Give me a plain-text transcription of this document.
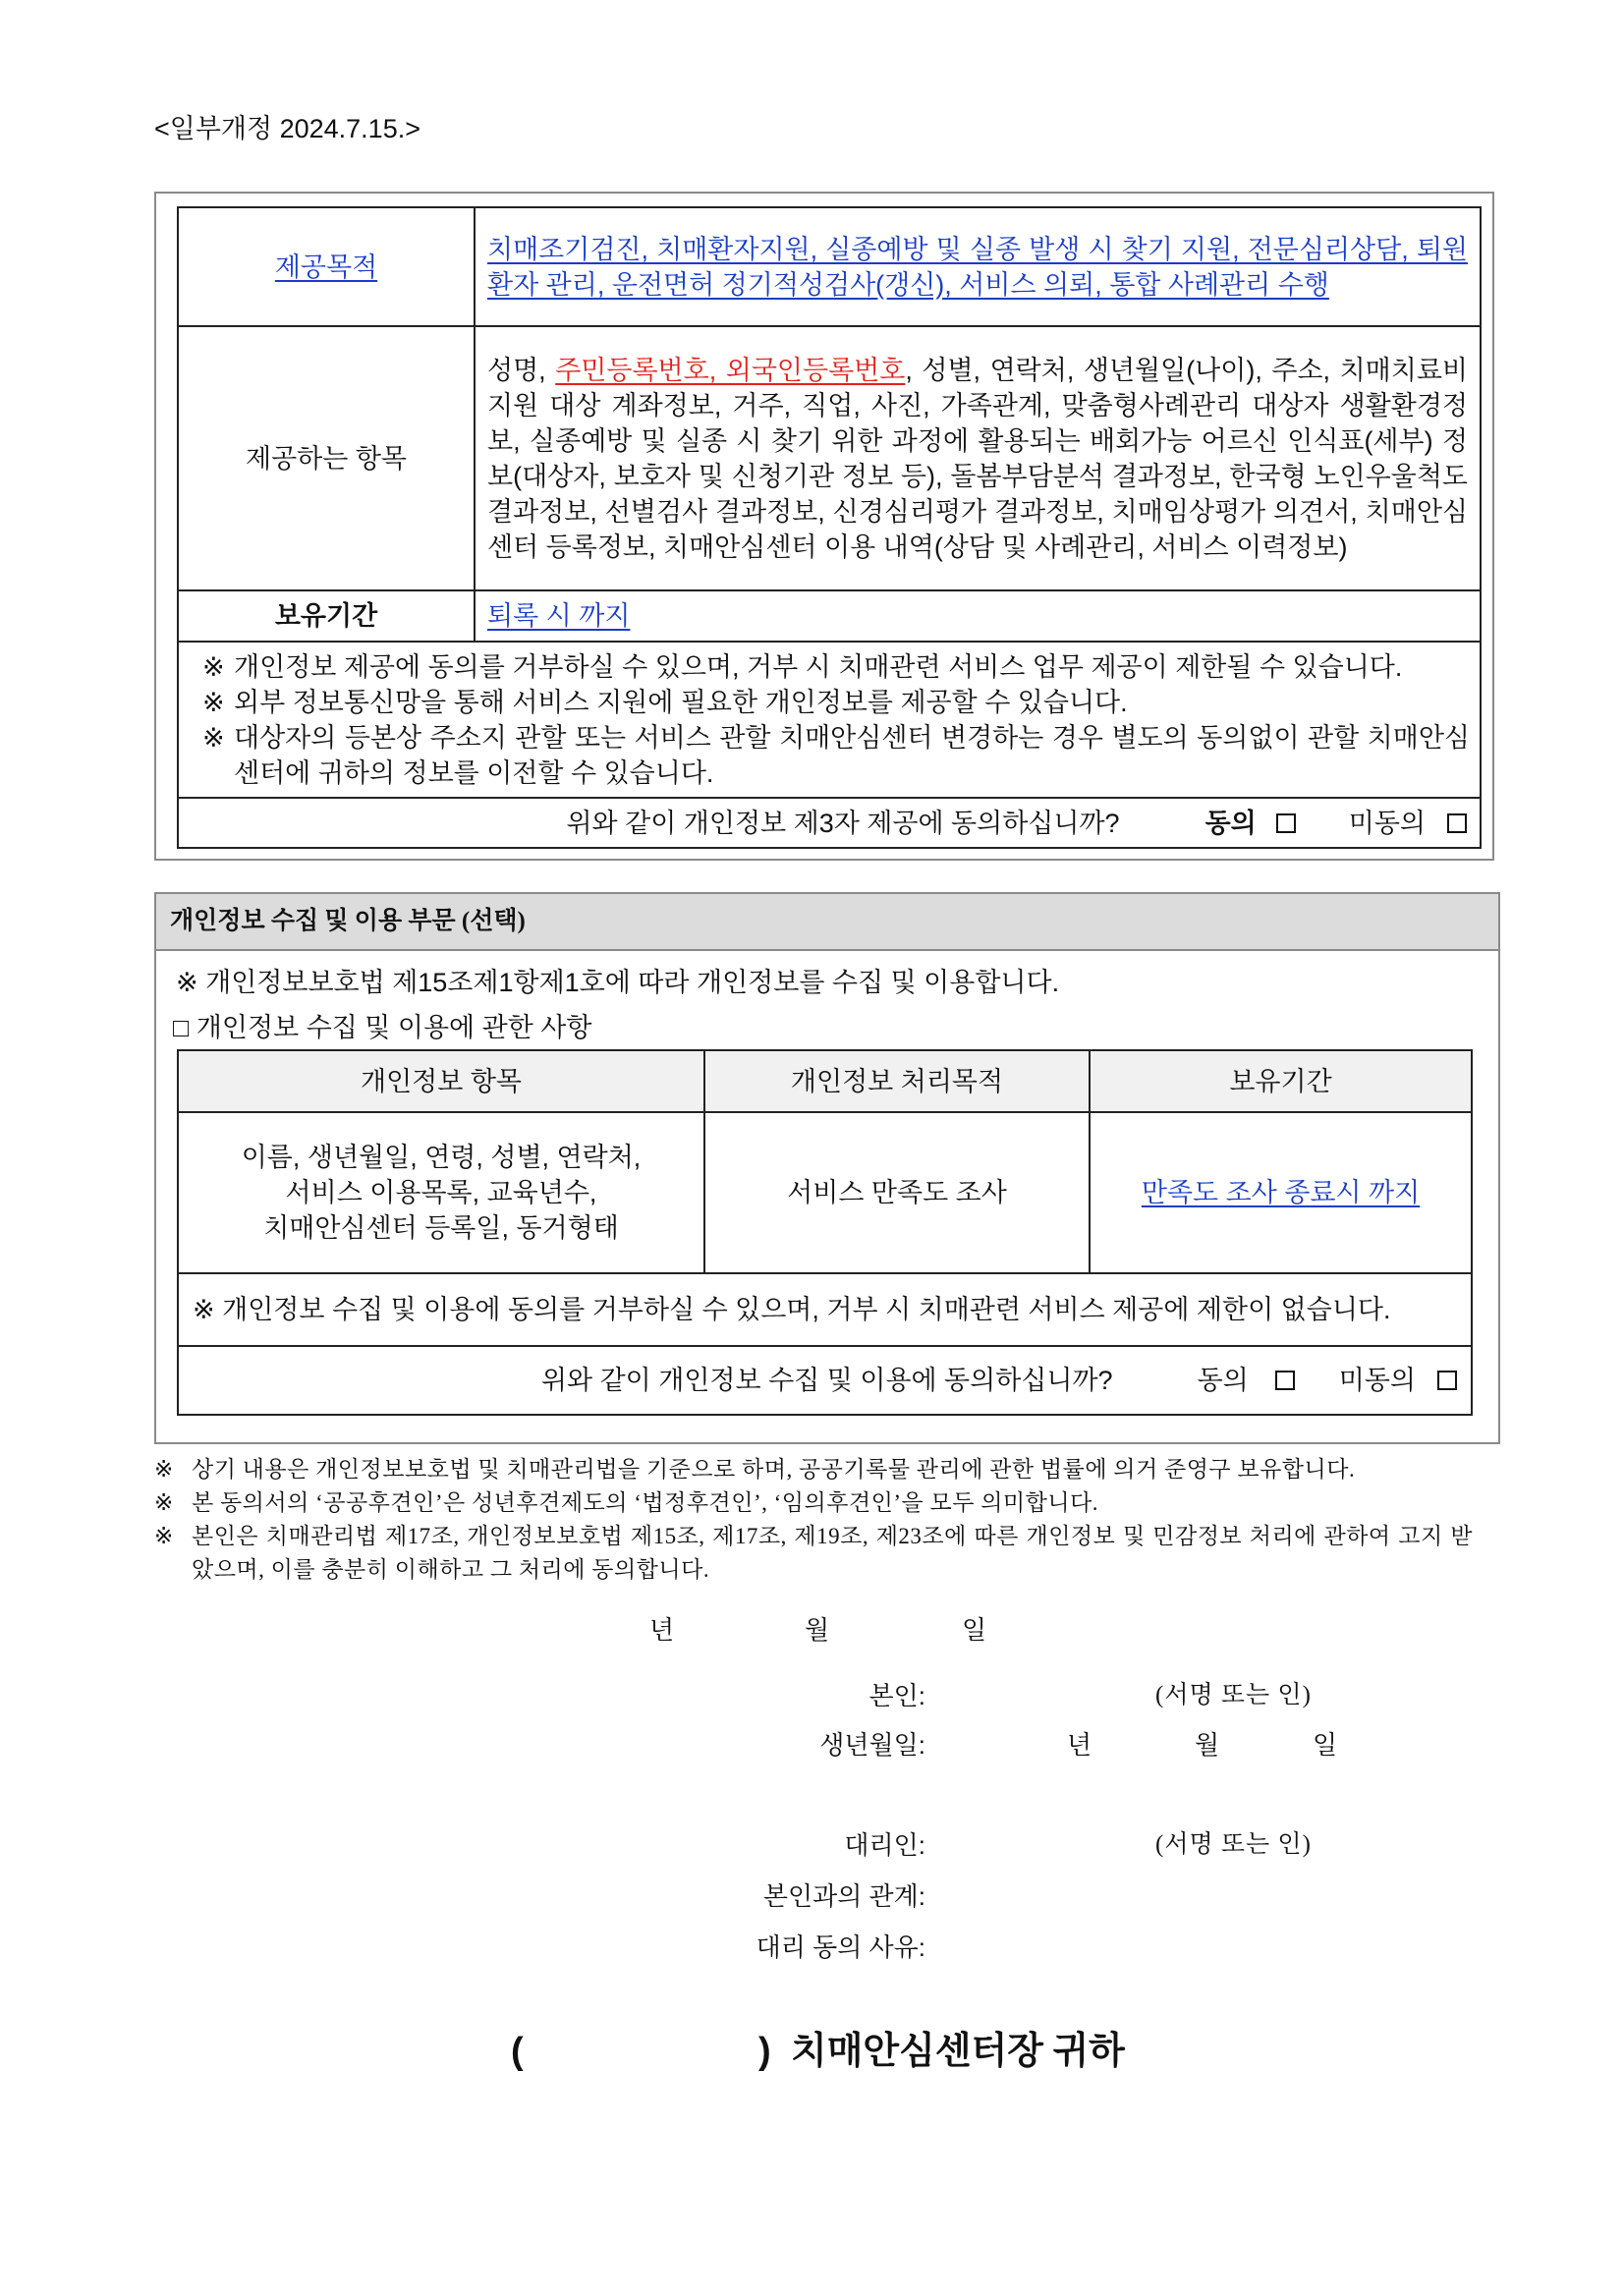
<일부개정 2024.7.15.>
제공목적	치매조기검진, 치매환자지원, 실종예방 및 실종 발생 시 찾기 지원, 전문심리상담, 퇴원환자 관리, 운전면허 정기적성검사(갱신), 서비스 의뢰, 통합 사례관리 수행
제공하는 항목	성명, 주민등록번호, 외국인등록번호, 성별, 연락처, 생년월일(나이), 주소, 치매치료비지원 대상 계좌정보, 거주, 직업, 사진, 가족관계, 맞춤형사례관리 대상자 생활환경정보, 실종예방 및 실종 시 찾기 위한 과정에 활용되는 배회가능 어르신 인식표(세부) 정보(대상자, 보호자 및 신청기관 정보 등), 돌봄부담분석 결과정보, 한국형 노인우울척도 결과정보, 선별검사 결과정보, 신경심리평가 결과정보, 치매임상평가 의견서, 치매안심센터 등록정보, 치매안심센터 이용 내역(상담 및 사례관리, 서비스 이력정보)
보유기간	퇴록 시 까지

※ 개인정보 제공에 동의를 거부하실 수 있으며, 거부 시 치매관련 서비스 업무 제공이 제한될 수 있습니다.
※ 외부 정보통신망을 통해 서비스 지원에 필요한 개인정보를 제공할 수 있습니다.
※ 대상자의 등본상 주소지 관할 또는 서비스 관할 치매안심센터 변경하는 경우 별도의 동의없이 관할 치매안심센터에 귀하의 정보를 이전할 수 있습니다.	

위와 같이 개인정보 제3자 제공에 동의하십니까? 동의 미동의	
개인정보 수집 및 이용 부문 (선택)
※ 개인정보보호법 제15조제1항제1호에 따라 개인정보를 수집 및 이용합니다.
□ 개인정보 수집 및 이용에 관한 사항
개인정보 항목	개인정보 처리목적	보유기간

이름, 생년월일, 연령, 성별, 연락처,
서비스 이용목록, 교육년수,
치매안심센터 등록일, 동거형태	서비스 만족도 조사	만족도 조사 종료시 까지
※ 개인정보 수집 및 이용에 동의를 거부하실 수 있으며, 거부 시 치매관련 서비스 제공에 제한이 없습니다.		

위와 같이 개인정보 수집 및 이용에 동의하십니까? 동의 미동의		
※ 상기 내용은 개인정보보호법 및 치매관리법을 기준으로 하며, 공공기록물 관리에 관한 법률에 의거 준영구 보유합니다.
※ 본 동의서의 ‘공공후견인’은 성년후견제도의 ‘법정후견인’, ‘임의후견인’을 모두 의미합니다.
※ 본인은 치매관리법 제17조, 개인정보보호법 제15조, 제17조, 제19조, 제23조에 따른 개인정보 및 민감정보 처리에 관하여 고지 받았으며, 이를 충분히 이해하고 그 처리에 동의합니다.
년	월	일
본인:	(서명 또는 인)
생년월일:	년	월	일
대리인:	(서명 또는 인)
본인과의 관계:
대리 동의 사유:
(	) 치매안심센터장 귀하
